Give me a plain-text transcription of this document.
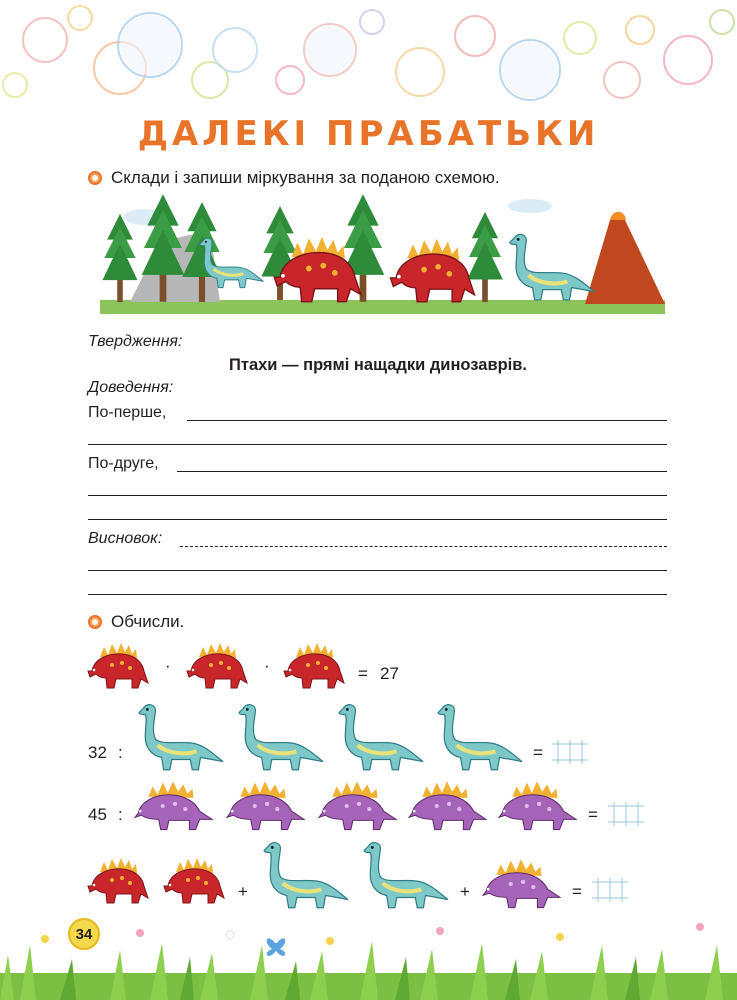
ДАЛЕКІ ПРАБАТЬКИ
Склади і запиши міркування за поданою схемою.
Твердження:
Птахи — прямі нащадки динозаврів.
Доведення:
По-перше,
По-друге,
Висновок:
Обчисли.
·	·	= 27
32 :	=
45 :	=
+	+	=
34
